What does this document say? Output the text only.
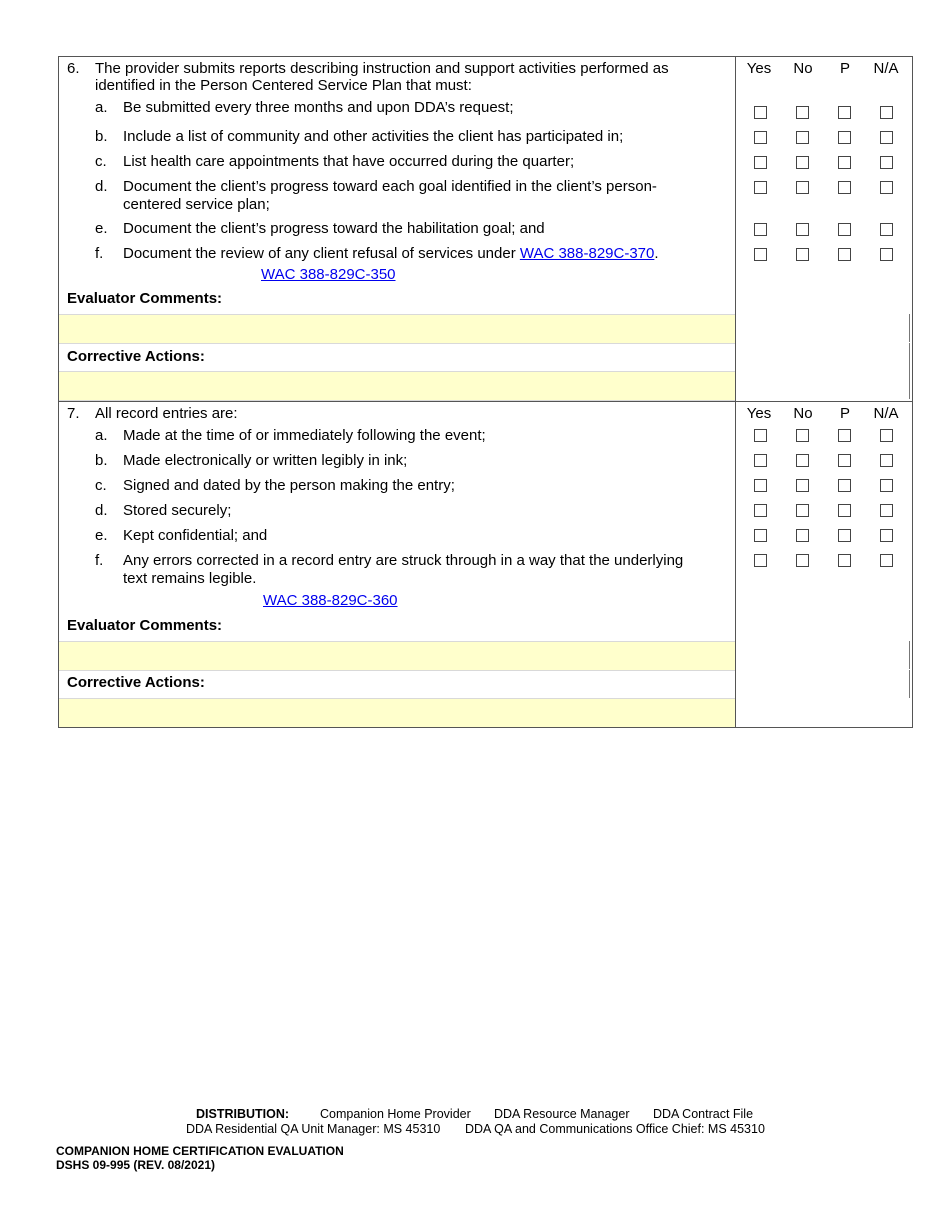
6. The provider submits reports describing instruction and support activities performed as
identified in the Person Centered Service Plan that must:
Yes	No	P	N/A
a. Be submitted every three months and upon DDA’s request;
b. Include a list of community and other activities the client has participated in;
c. List health care appointments that have occurred during the quarter;
d. Document the client’s progress toward each goal identified in the client’s person-
centered service plan;
e. Document the client’s progress toward the habilitation goal; and
f. Document the review of any client refusal of services under WAC 388-829C-370.
WAC 388-829C-350
Evaluator Comments:
Corrective Actions:
7. All record entries are:	Yes	No	P	N/A
a. Made at the time of or immediately following the event;
b. Made electronically or written legibly in ink;
c. Signed and dated by the person making the entry;
d. Stored securely;
e. Kept confidential; and
f. Any errors corrected in a record entry are struck through in a way that the underlying
text remains legible.
WAC 388-829C-360
Evaluator Comments:
Corrective Actions:
DISTRIBUTION: Companion Home Provider DDA Resource Manager DDA Contract File
DDA Residential QA Unit Manager: MS 45310 DDA QA and Communications Office Chief: MS 45310
COMPANION HOME CERTIFICATION EVALUATION
DSHS 09-995 (REV. 08/2021)
